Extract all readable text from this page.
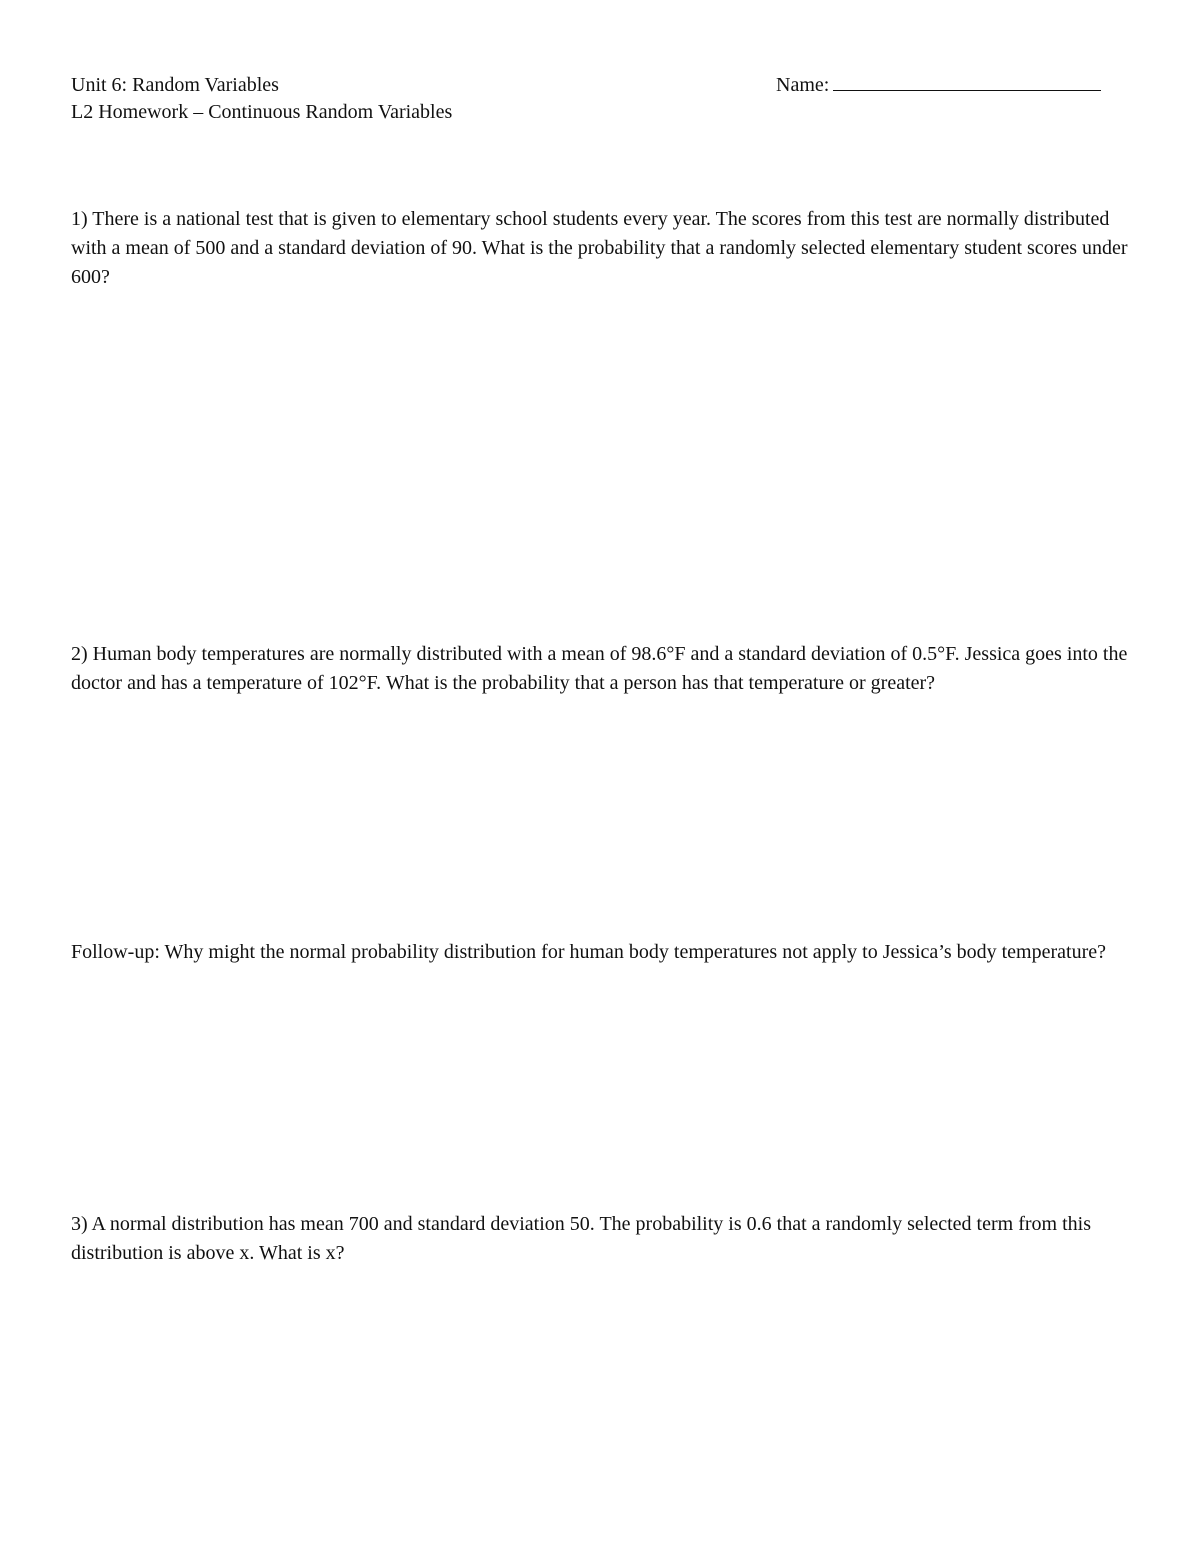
Unit 6: Random Variables
L2 Homework – Continuous Random Variables
Name:

1) There is a national test that is given to elementary school students every year. The scores from this test are normally distributed with a mean of 500 and a standard deviation of 90. What is the probability that a randomly selected elementary student scores under 600?

2) Human body temperatures are normally distributed with a mean of 98.6°F and a standard deviation of 0.5°F. Jessica goes into the doctor and has a temperature of 102°F. What is the probability that a person has that temperature or greater?

Follow-up: Why might the normal probability distribution for human body temperatures not apply to Jessica’s body temperature?

3) A normal distribution has mean 700 and standard deviation 50. The probability is 0.6 that a randomly selected term from this distribution is above x. What is x?
